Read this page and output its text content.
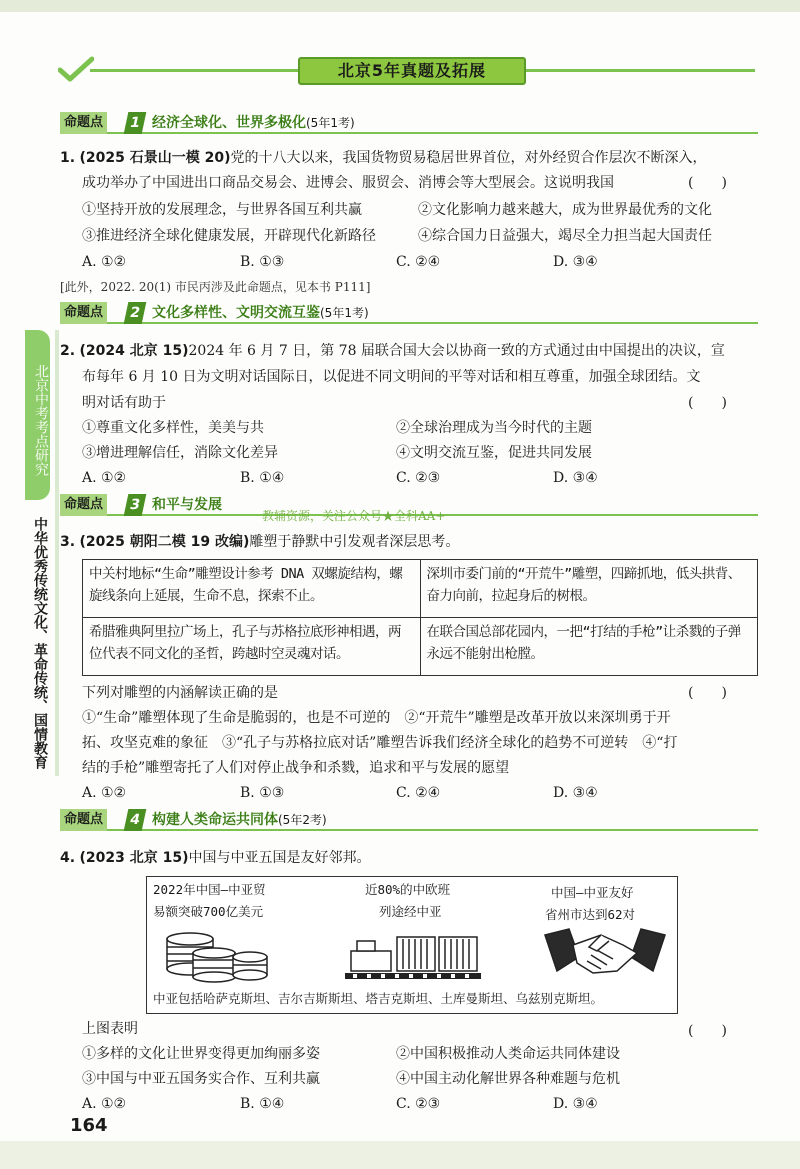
北京5年真题及拓展
北京中考考点研究
中华优秀传统文化、革命传统、国情教育
命题点	1 经济全球化、世界多极化(5年1考)
1. (2025 石景山一模 20)党的十八大以来，我国货物贸易稳居世界首位，对外经贸合作层次不断深入，
成功举办了中国进出口商品交易会、进博会、服贸会、消博会等大型展会。这说明我国	(　　)
①坚持开放的发展理念，与世界各国互利共赢	②文化影响力越来越大，成为世界最优秀的文化
③推进经济全球化健康发展，开辟现代化新路径	④综合国力日益强大，竭尽全力担当起大国责任
A. ①②	B. ①③	C. ②④	D. ③④
[此外，2022. 20(1) 市民丙涉及此命题点，见本书 P111]
命题点	2 文化多样性、文明交流互鉴(5年1考)
2. (2024 北京 15)2024 年 6 月 7 日，第 78 届联合国大会以协商一致的方式通过由中国提出的决议，宣
布每年 6 月 10 日为文明对话国际日，以促进不同文明间的平等对话和相互尊重，加强全球团结。文
明对话有助于	(　　)
①尊重文化多样性，美美与共	②全球治理成为当今时代的主题
③增进理解信任，消除文化差异	④文明交流互鉴，促进共同发展
A. ①②	B. ①④	C. ②③	D. ③④
命题点	3 和平与发展
教辅资源，关注公众号★全科AA+
3. (2025 朝阳二模 19 改编)雕塑于静默中引发观者深层思考。
中关村地标“生命”雕塑设计参考 DNA 双螺旋结构，螺旋线条向上延展，生命不息，探索不止。	深圳市委门前的“开荒牛”雕塑，四蹄抓地，低头拱背、奋力向前，拉起身后的树根。
希腊雅典阿里拉广场上，孔子与苏格拉底形神相遇，两位代表不同文化的圣哲，跨越时空灵魂对话。	在联合国总部花园内，一把“打结的手枪”让杀戮的子弹永远不能射出枪膛。
下列对雕塑的内涵解读正确的是	(　　)
①“生命”雕塑体现了生命是脆弱的，也是不可逆的　②“开荒牛”雕塑是改革开放以来深圳勇于开
拓、攻坚克难的象征　③“孔子与苏格拉底对话”雕塑告诉我们经济全球化的趋势不可逆转　④“打
结的手枪”雕塑寄托了人们对停止战争和杀戮，追求和平与发展的愿望
A. ①②	B. ①③	C. ②④	D. ③④
命题点	4 构建人类命运共同体(5年2考)
4. (2023 北京 15)中国与中亚五国是友好邻邦。
2022年中国—中亚贸
易额突破700亿美元
近80%的中欧班
列途经中亚
中国—中亚友好
省州市达到62对
中亚包括哈萨克斯坦、吉尔吉斯斯坦、塔吉克斯坦、土库曼斯坦、乌兹别克斯坦。
上图表明	(　　)
①多样的文化让世界变得更加绚丽多姿	②中国积极推动人类命运共同体建设
③中国与中亚五国务实合作、互利共赢	④中国主动化解世界各种难题与危机
A. ①②	B. ①④	C. ②③	D. ③④
164
